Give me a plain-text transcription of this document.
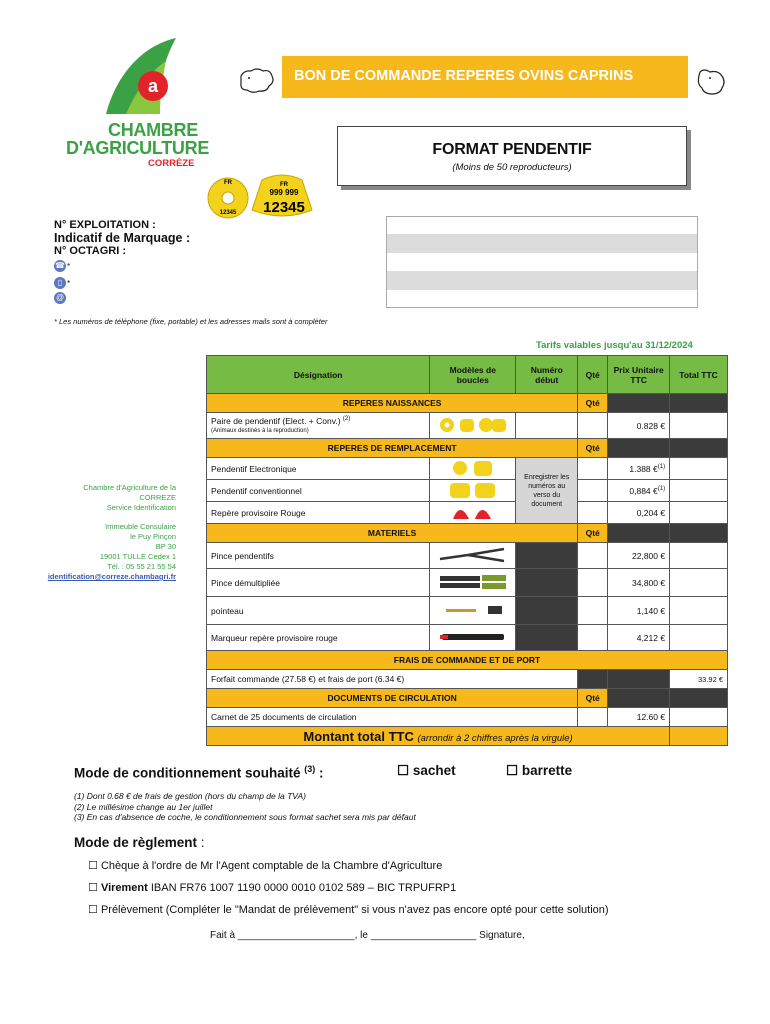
a
CHAMBRE
D'AGRICULTURE
CORRÈZE
BON DE COMMANDE REPERES OVINS CAPRINS
FORMAT PENDENTIF
(Moins de 50 reproducteurs)
FR
12345
FR
999 999
12345
N° EXPLOITATION :
Indicatif de Marquage :
N° OCTAGRI :
☎ *
▯ *
@
* Les numéros de téléphone (fixe, portable) et les adresses mails sont à compléter
Tarifs valables jusqu'au 31/12/2024
Chambre d'Agriculture de la
CORREZE
Service Identification
Immeuble Consulaire
le Puy Pinçon
BP 30
19001 TULLE Cedex 1
Tél. : 05 55 21 55 54
identification@correze.chambagri.fr
Désignation	Modèles de boucles	Numéro début	Qté	Prix Unitaire TTC	Total TTC
REPERES NAISSANCES			Qté		
Paire de pendentif (Elect. + Conv.) $^{(2)}$
(Animaux destinés à la reproduction)				0.828 €	
REPERES DE REMPLACEMENT			Qté		
Pendentif Electronique		Enregistrer les numéros au verso du document		1.388 €$^{(1)}$	
Pendentif conventionnel				0,884 €$^{(1)}$	
Repère provisoire Rouge				0,204 €	
MATERIELS			Qté		
Pince pendentifs				22,800 €	
Pince démultipliée				34,800 €	
pointeau				1,140 €	
Marqueur repère provisoire rouge				4,212 €	
FRAIS DE COMMANDE ET DE PORT					
Forfait commande (27.58 €) et frais de port (6.34 €)					33.92 €
DOCUMENTS DE CIRCULATION			Qté		
Carnet de 25 documents de circulation				12.60 €	
Montant total TTC (arrondir à 2 chiffres après la virgule)					
Mode de conditionnement souhaité $^{(3)}$ :	☐ sachet	☐ barrette
(1) Dont 0.68 € de frais de gestion (hors du champ de la TVA)
(2) Le millésime change au 1er juillet
(3) En cas d'absence de coche, le conditionnement sous format sachet sera mis par défaut
Mode de règlement :
☐ Chèque à l'ordre de Mr l'Agent comptable de la Chambre d'Agriculture
☐ Virement IBAN FR76 1007 1190 0000 0010 0102 589 – BIC TRPUFRP1
☐ Prélèvement (Compléter le "Mandat de prélèvement" si vous n'avez pas encore opté pour cette solution)
Fait à _____________________, le ___________________ Signature,
